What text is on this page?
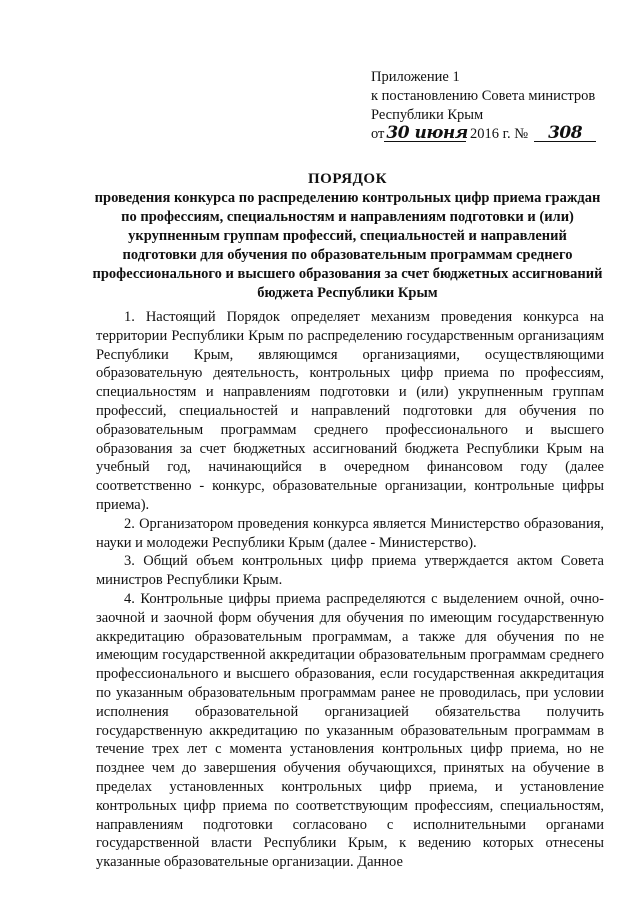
Приложение 1
к постановлению Совета министров
Республики Крым
от 30 июня 2016 г. № 308
ПОРЯДОК
проведения конкурса по распределению контрольных цифр приема граждан по профессиям, специальностям и направлениям подготовки и (или) укрупненным группам профессий, специальностей и направлений подготовки для обучения по образовательным программам среднего профессионального и высшего образования за счет бюджетных ассигнований бюджета Республики Крым

1. Настоящий Порядок определяет механизм проведения конкурса на территории Республики Крым по распределению государственным организациям Республики Крым, являющимся организациями, осуществляющими образовательную деятельность, контрольных цифр приема по профессиям, специальностям и направлениям подготовки и (или) укрупненным группам профессий, специальностей и направлений подготовки для обучения по образовательным программам среднего профессионального и высшего образования за счет бюджетных ассигнований бюджета Республики Крым на учебный год, начинающийся в очередном финансовом году (далее соответственно - конкурс, образовательные организации, контрольные цифры приема).

2. Организатором проведения конкурса является Министерство образования, науки и молодежи Республики Крым (далее - Министерство).

3. Общий объем контрольных цифр приема утверждается актом Совета министров Республики Крым.

4. Контрольные цифры приема распределяются с выделением очной, очно-заочной и заочной форм обучения для обучения по имеющим государственную аккредитацию образовательным программам, а также для обучения по не имеющим государственной аккредитации образовательным программам среднего профессионального и высшего образования, если государственная аккредитация по указанным образовательным программам ранее не проводилась, при условии исполнения образовательной организацией обязательства получить государственную аккредитацию по указанным образовательным программам в течение трех лет с момента установления контрольных цифр приема, но не позднее чем до завершения обучения обучающихся, принятых на обучение в пределах установленных контрольных цифр приема, и установление контрольных цифр приема по соответствующим профессиям, специальностям, направлениям подготовки согласовано с исполнительными органами государственной власти Республики Крым, к ведению которых отнесены указанные образовательные организации. Данное
